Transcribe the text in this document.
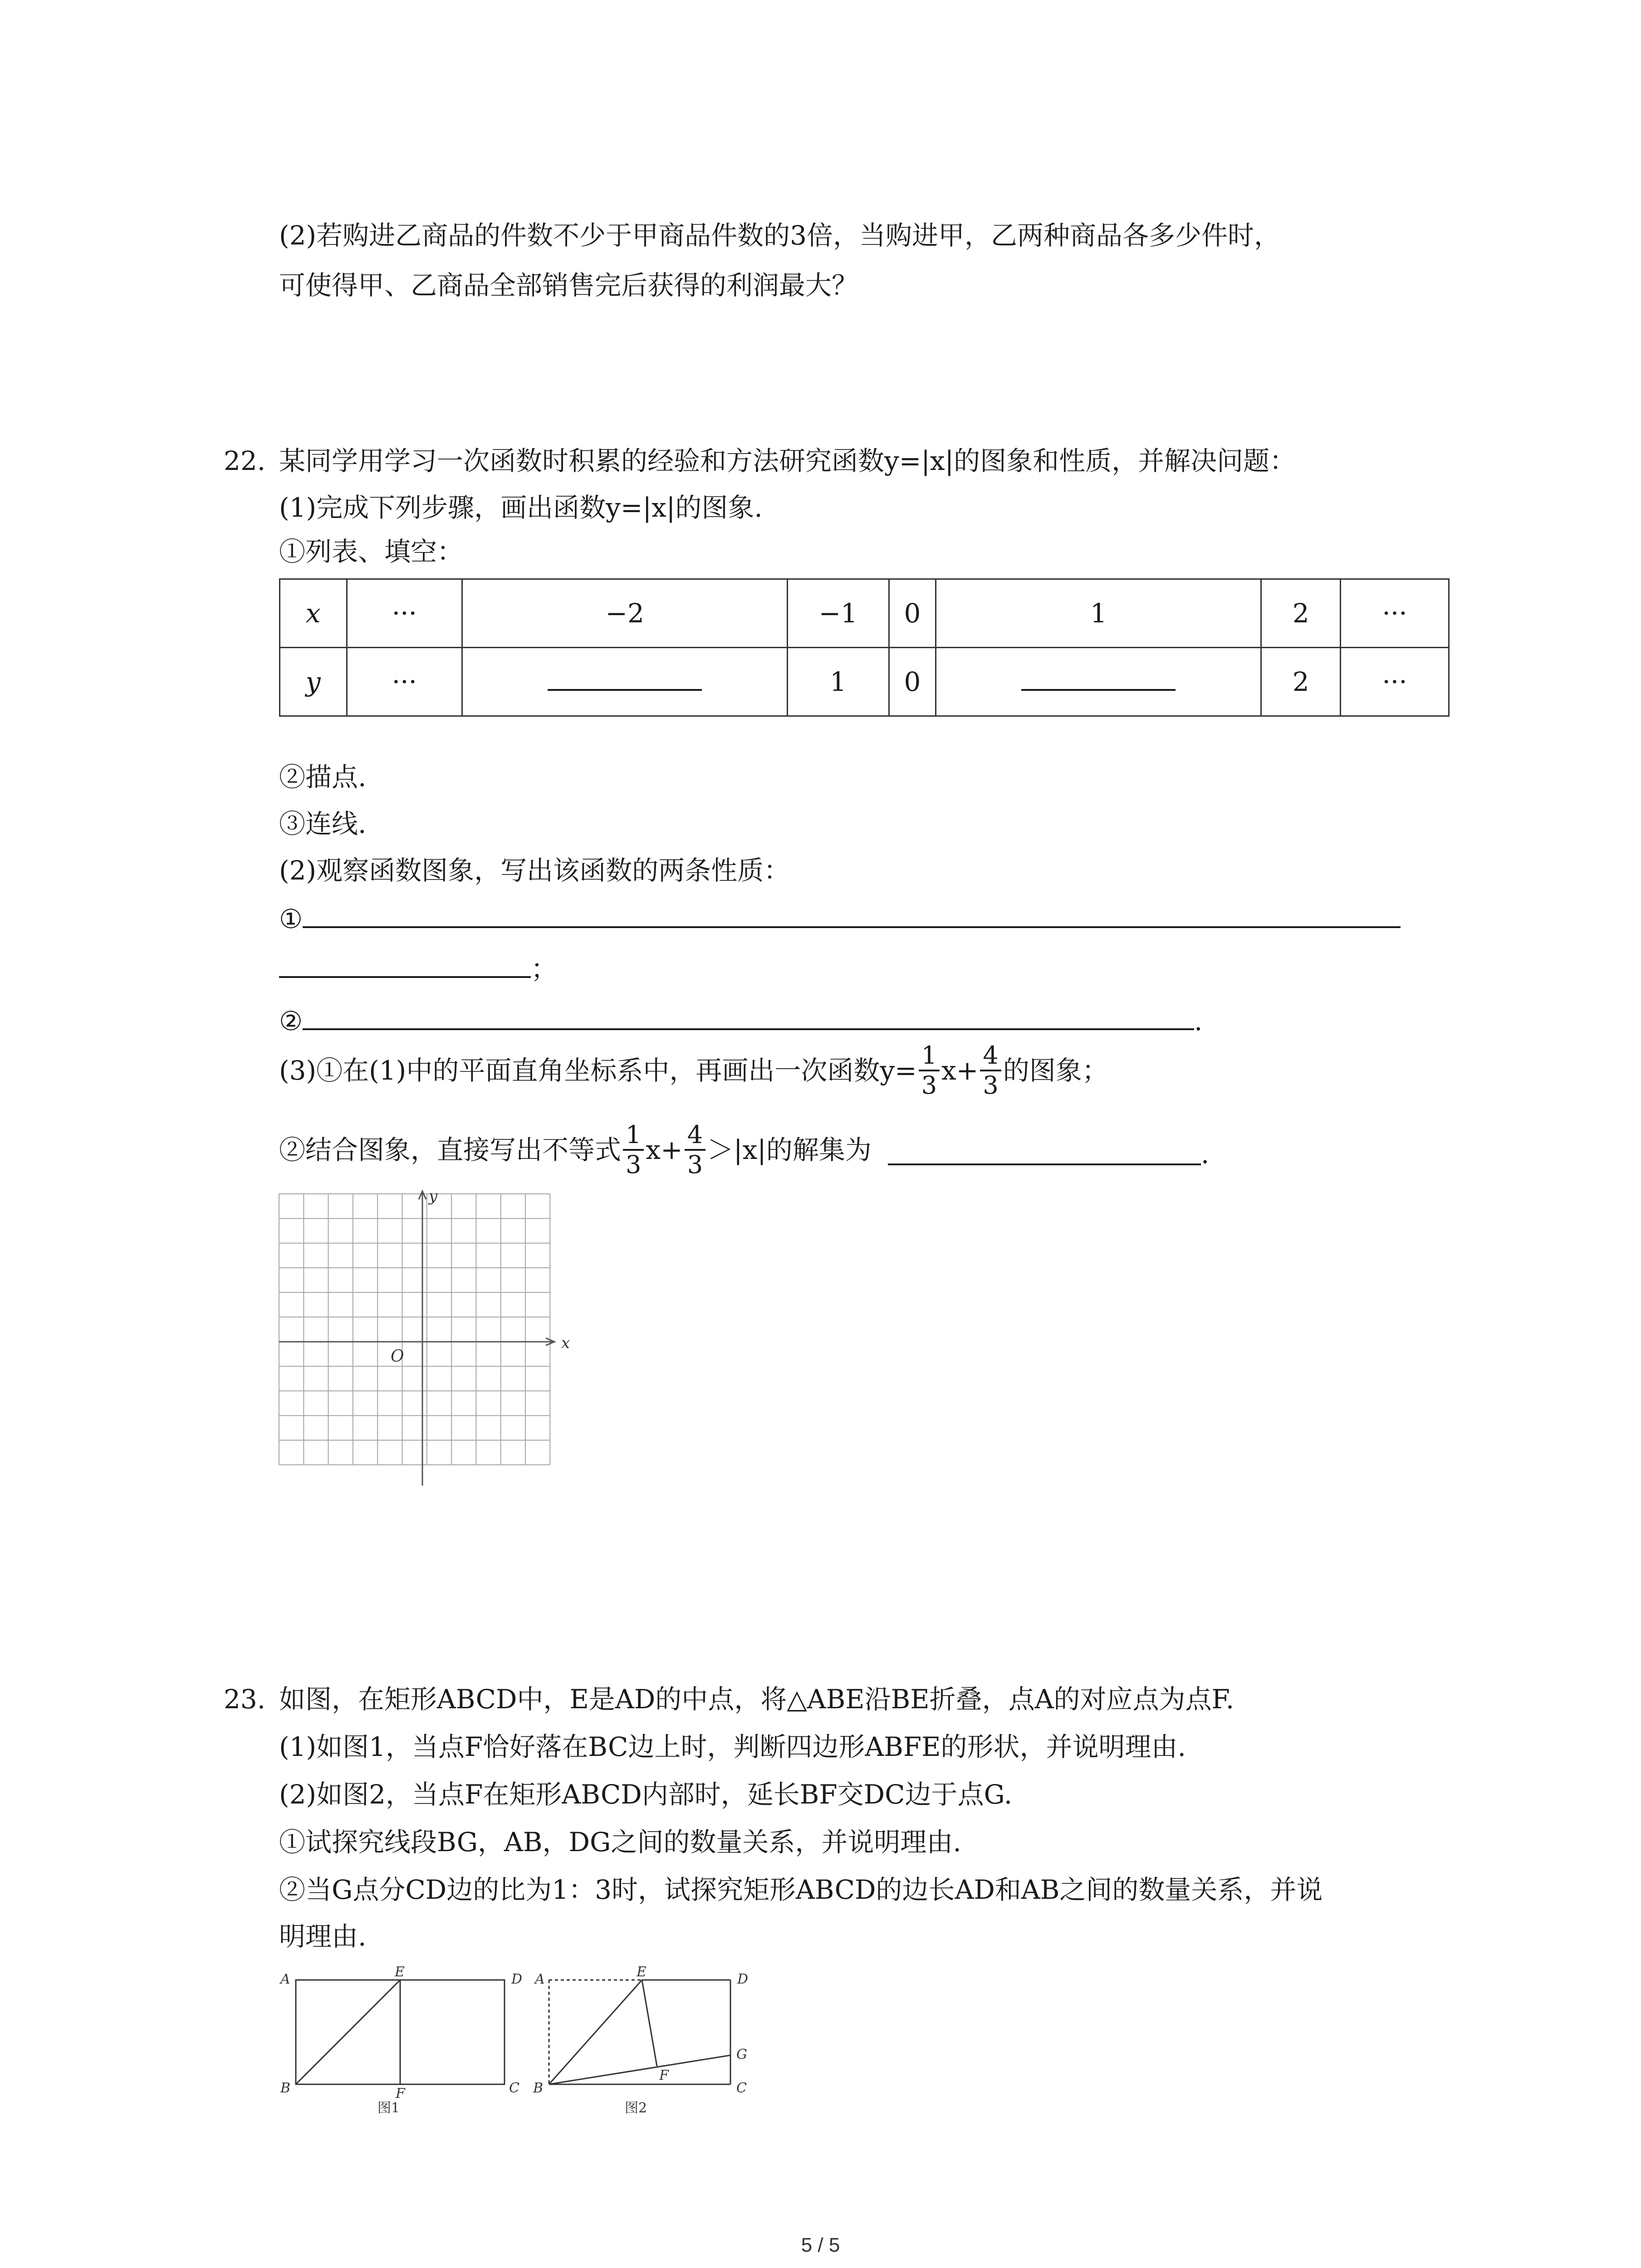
(2)若购进乙商品的件数不少于甲商品件数的3倍，当购进甲，乙两种商品各多少件时，
可使得甲、乙商品全部销售完后获得的利润最大？
22. 某同学用学习一次函数时积累的经验和方法研究函数y=|x|的图象和性质，并解决问题：
(1)完成下列步骤，画出函数y=|x|的图象.
①列表、填空：
x	···	−2	−1	0	1	2	···
y	···		1	0		2	···
②描点.
③连线.
(2)观察函数图象，写出该函数的两条性质：
①
；
②	.
(3)①在(1)中的平面直角坐标系中，再画出一次函数$y= \frac{1}{3} x+ \frac{4}{3}$ 的图象；
②结合图象，直接写出不等式 $\frac{1}{3} x+ \frac{4}{3} >|x|$的解集为	.
x
y
O
23. 如图，在矩形ABCD中，E是AD的中点，将△ABE沿BE折叠，点A的对应点为点F.
(1)如图1，当点F恰好落在BC边上时，判断四边形ABFE的形状，并说明理由.
(2)如图2，当点F在矩形ABCD内部时，延长BF交DC边于点G.
①试探究线段BG，AB，DG之间的数量关系，并说明理由.
②当G点分CD边的比为1：3时，试探究矩形ABCD的边长AD和AB之间的数量关系，并说
明理由.
A	E	D
B	F	C
图1
A	E	D
B
F
G
C
图2
5 / 5
